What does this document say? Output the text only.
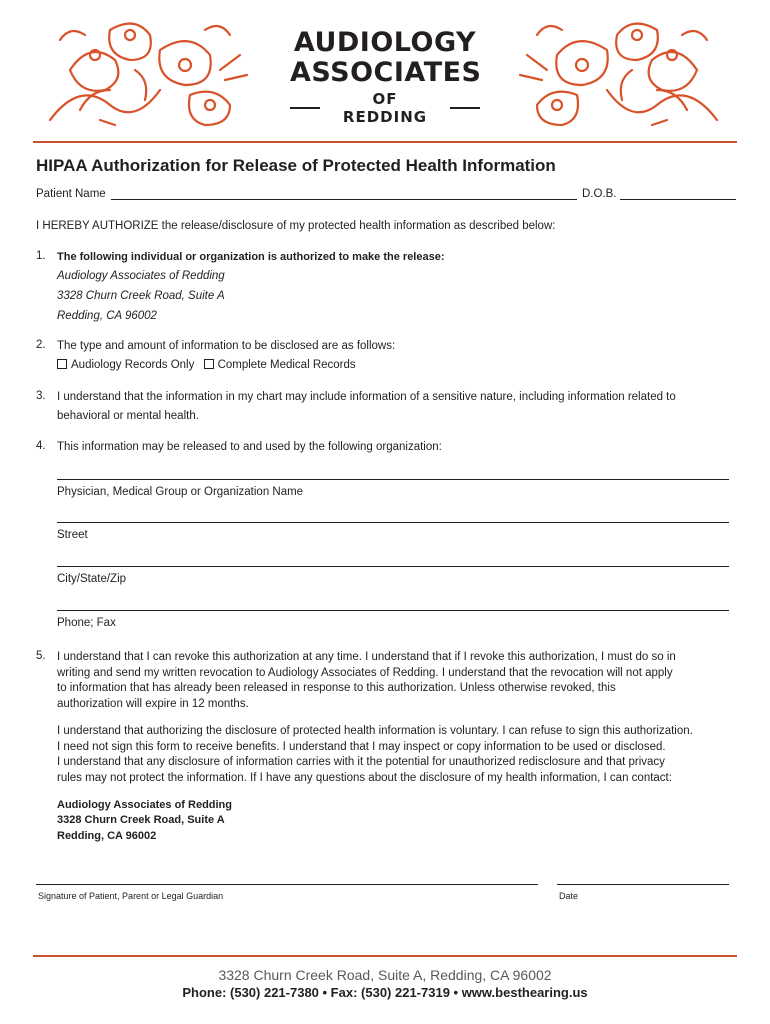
AUDIOLOGY
ASSOCIATES
OF REDDING
HIPAA Authorization for Release of Protected Health Information
Patient Name	D.O.B.
I HEREBY AUTHORIZE the release/disclosure of my protected health information as described below:
1. The following individual or organization is authorized to make the release:
Audiology Associates of Redding
3328 Churn Creek Road, Suite A
Redding, CA 96002
2. The type and amount of information to be disclosed are as follows:
Audiology Records Only Complete Medical Records
3. I understand that the information in my chart may include information of a sensitive nature, including information related to
behavioral or mental health.
4. This information may be released to and used by the following organization:
Physician, Medical Group or Organization Name
Street
City/State/Zip
Phone; Fax
5. I understand that I can revoke this authorization at any time. I understand that if I revoke this authorization, I must do so in
writing and send my written revocation to Audiology Associates of Redding. I understand that the revocation will not apply
to information that has already been released in response to this authorization. Unless otherwise revoked, this
authorization will expire in 12 months.
I understand that authorizing the disclosure of protected health information is voluntary. I can refuse to sign this authorization.
I need not sign this form to receive benefits. I understand that I may inspect or copy information to be used or disclosed.
I understand that any disclosure of information carries with it the potential for unauthorized redisclosure and that privacy
rules may not protect the information. If I have any questions about the disclosure of my health information, I can contact:
Audiology Associates of Redding
3328 Churn Creek Road, Suite A
Redding, CA 96002
Signature of Patient, Parent or Legal Guardian	Date
3328 Churn Creek Road, Suite A, Redding, CA 96002
Phone: (530) 221-7380 • Fax: (530) 221-7319 • www.besthearing.us
